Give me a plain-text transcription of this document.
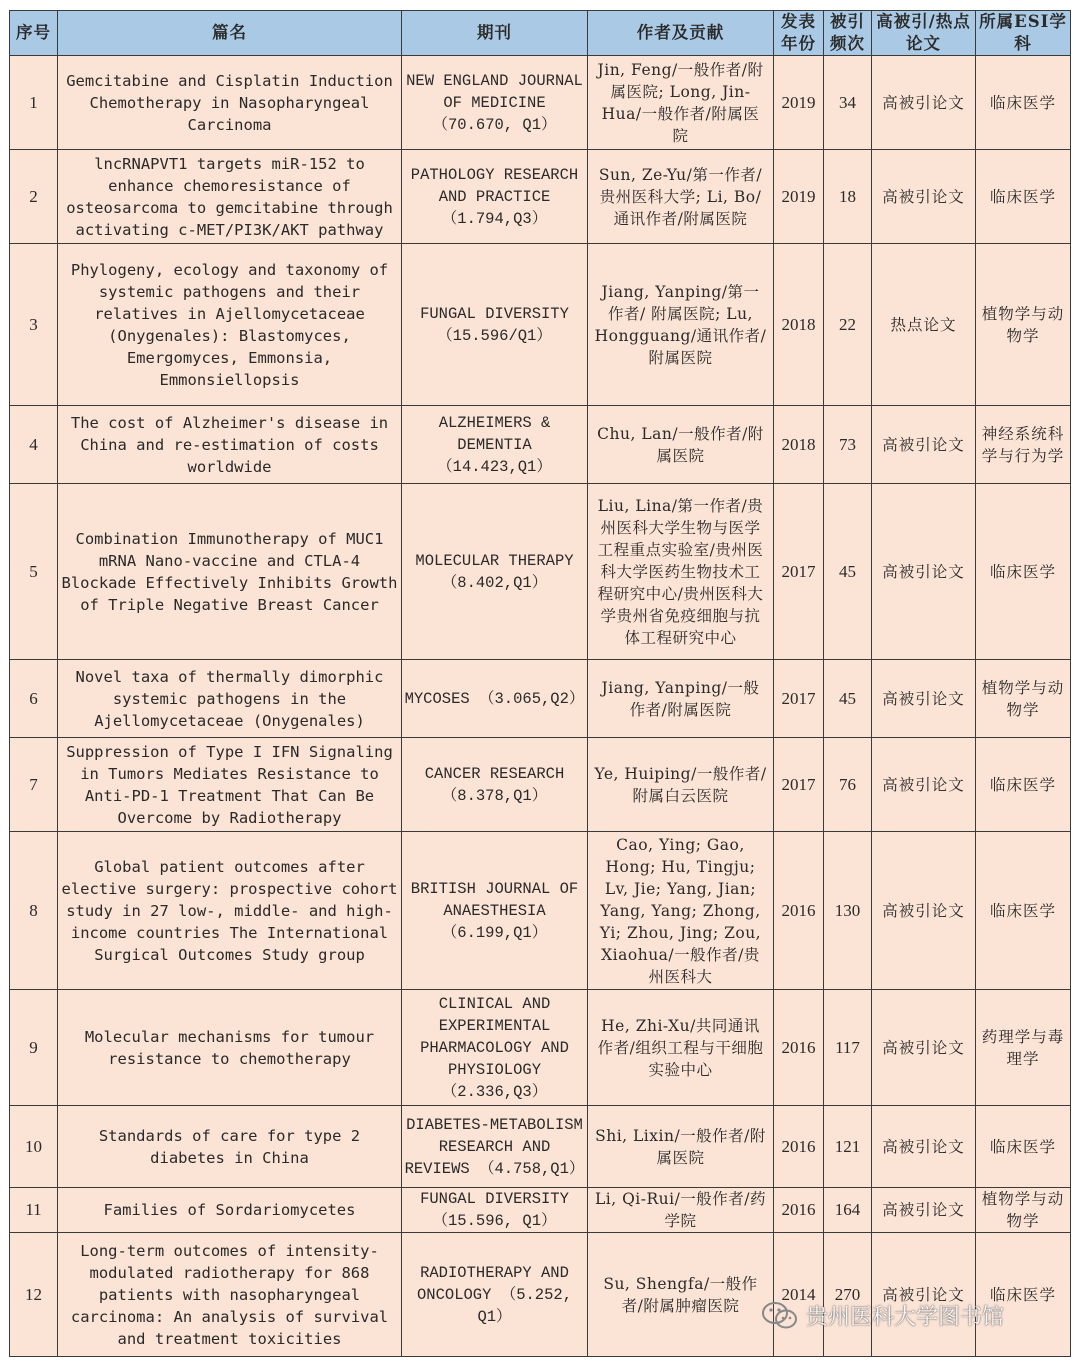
序号	篇名	期刊	作者及贡献	发表年份	被引频次	高被引/热点论文	所属ESI学科
1	Gemcitabine and Cisplatin Induction Chemotherapy in Nasopharyngeal Carcinoma	NEW ENGLAND JOURNAL OF MEDICINE （70.670, Q1）	Jin, Feng/一般作者/附属医院; Long, Jin-Hua/一般作者/附属医院	2019	34	高被引论文	临床医学
2	lncRNAPVT1 targets miR-152 to enhance chemoresistance of osteosarcoma to gemcitabine through activating c-MET/PI3K/AKT pathway	PATHOLOGY RESEARCH AND PRACTICE （1.794,Q3）	Sun, Ze-Yu/第一作者/贵州医科大学; Li, Bo/通讯作者/附属医院	2019	18	高被引论文	临床医学
3	Phylogeny, ecology and taxonomy of systemic pathogens and their relatives in Ajellomycetaceae (Onygenales): Blastomyces, Emergomyces, Emmonsia, Emmonsiellopsis	FUNGAL DIVERSITY （15.596/Q1）	Jiang, Yanping/第一作者/ 附属医院; Lu, Hongguang/通讯作者/附属医院	2018	22	热点论文	植物学与动物学
4	The cost of Alzheimer's disease in China and re-estimation of costs worldwide	ALZHEIMERS & DEMENTIA （14.423,Q1）	Chu, Lan/一般作者/附属医院	2018	73	高被引论文	神经系统科学与行为学
5	Combination Immunotherapy of MUC1 mRNA Nano-vaccine and CTLA-4 Blockade Effectively Inhibits Growth of Triple Negative Breast Cancer	MOLECULAR THERAPY （8.402,Q1）	Liu, Lina/第一作者/贵州医科大学生物与医学工程重点实验室/贵州医科大学医药生物技术工程研究中心/贵州医科大学贵州省免疫细胞与抗体工程研究中心	2017	45	高被引论文	临床医学
6	Novel taxa of thermally dimorphic systemic pathogens in the Ajellomycetaceae (Onygenales)	MYCOSES （3.065,Q2）	Jiang, Yanping/一般作者/附属医院	2017	45	高被引论文	植物学与动物学
7	Suppression of Type I IFN Signaling in Tumors Mediates Resistance to Anti-PD-1 Treatment That Can Be Overcome by Radiotherapy	CANCER RESEARCH （8.378,Q1）	Ye, Huiping/一般作者/附属白云医院	2017	76	高被引论文	临床医学
8	Global patient outcomes after elective surgery: prospective cohort study in 27 low-, middle- and high-income countries The International Surgical Outcomes Study group	BRITISH JOURNAL OF ANAESTHESIA （6.199,Q1）	Cao, Ying; Gao, Hong; Hu, Tingju; Lv, Jie; Yang, Jian; Yang, Yang; Zhong, Yi; Zhou, Jing; Zou, Xiaohua/一般作者/贵州医科大	2016	130	高被引论文	临床医学
9	Molecular mechanisms for tumour resistance to chemotherapy	CLINICAL AND EXPERIMENTAL PHARMACOLOGY AND PHYSIOLOGY （2.336,Q3）	He, Zhi-Xu/共同通讯作者/组织工程与干细胞实验中心	2016	117	高被引论文	药理学与毒理学
10	Standards of care for type 2 diabetes in China	DIABETES-METABOLISM RESEARCH AND REVIEWS （4.758,Q1）	Shi, Lixin/一般作者/附属医院	2016	121	高被引论文	临床医学
11	Families of Sordariomycetes	FUNGAL DIVERSITY （15.596, Q1）	Li, Qi-Rui/一般作者/药学院	2016	164	高被引论文	植物学与动物学
12	Long-term outcomes of intensity-modulated radiotherapy for 868 patients with nasopharyngeal carcinoma: An analysis of survival and treatment toxicities	RADIOTHERAPY AND ONCOLOGY （5.252, Q1）	Su, Shengfa/一般作者/附属肿瘤医院	2014	270	高被引论文	临床医学
贵州医科大学图书馆
